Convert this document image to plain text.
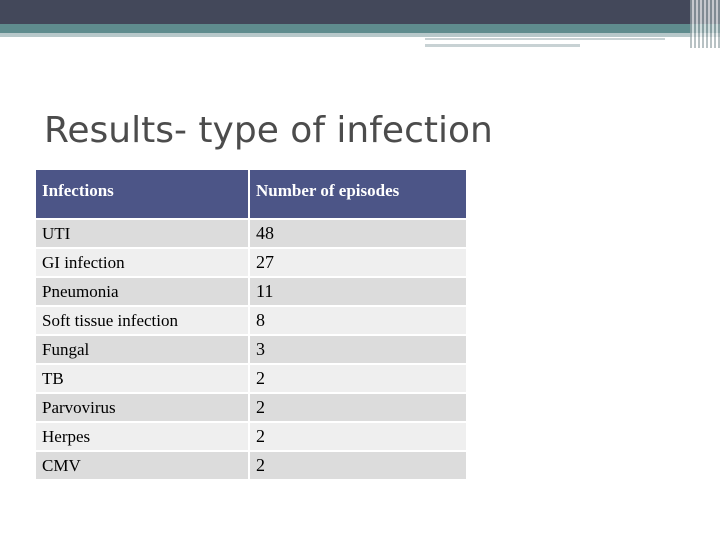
Results- type of infection
Infections	Number of episodes
UTI	48
GI infection	27
Pneumonia	11
Soft tissue infection	8
Fungal	3
TB	2
Parvovirus	2
Herpes	2
CMV	2
